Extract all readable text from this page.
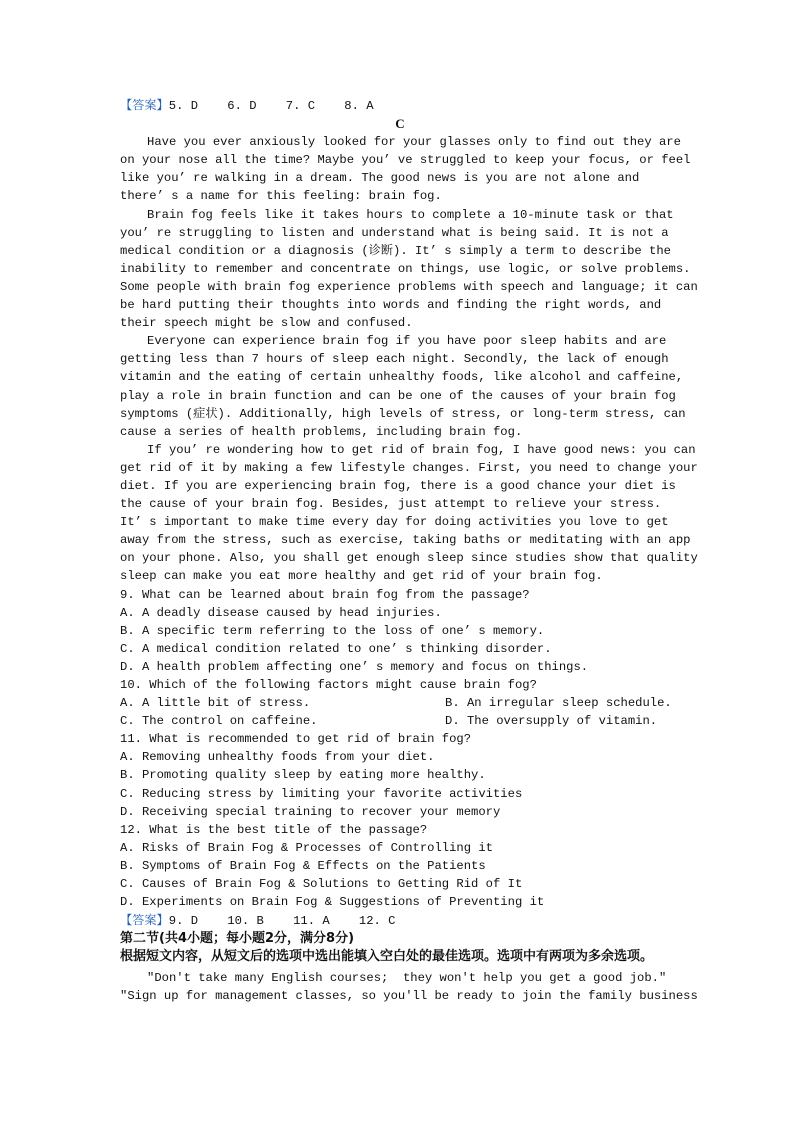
【答案】5. D    6. D    7. C    8. A
C
Have you ever anxiously looked for your glasses only to find out they are
on your nose all the time? Maybe you’ ve struggled to keep your focus, or feel
like you’ re walking in a dream. The good news is you are not alone and
there’ s a name for this feeling: brain fog.
Brain fog feels like it takes hours to complete a 10-minute task or that
you’ re struggling to listen and understand what is being said. It is not a
medical condition or a diagnosis (诊断). It’ s simply a term to describe the
inability to remember and concentrate on things, use logic, or solve problems.
Some people with brain fog experience problems with speech and language; it can
be hard putting their thoughts into words and finding the right words, and
their speech might be slow and confused.
Everyone can experience brain fog if you have poor sleep habits and are
getting less than 7 hours of sleep each night. Secondly, the lack of enough
vitamin and the eating of certain unhealthy foods, like alcohol and caffeine,
play a role in brain function and can be one of the causes of your brain fog
symptoms (症状). Additionally, high levels of stress, or long-term stress, can
cause a series of health problems, including brain fog.
If you’ re wondering how to get rid of brain fog, I have good news: you can
get rid of it by making a few lifestyle changes. First, you need to change your
diet. If you are experiencing brain fog, there is a good chance your diet is
the cause of your brain fog. Besides, just attempt to relieve your stress.
It’ s important to make time every day for doing activities you love to get
away from the stress, such as exercise, taking baths or meditating with an app
on your phone. Also, you shall get enough sleep since studies show that quality
sleep can make you eat more healthy and get rid of your brain fog.
9. What can be learned about brain fog from the passage?
A. A deadly disease caused by head injuries.
B. A specific term referring to the loss of one’ s memory.
C. A medical condition related to one’ s thinking disorder.
D. A health problem affecting one’ s memory and focus on things.
10. Which of the following factors might cause brain fog?
A. A little bit of stress.	B. An irregular sleep schedule.
C. The control on caffeine.	D. The oversupply of vitamin.
11. What is recommended to get rid of brain fog?
A. Removing unhealthy foods from your diet.
B. Promoting quality sleep by eating more healthy.
C. Reducing stress by limiting your favorite activities
D. Receiving special training to recover your memory
12. What is the best title of the passage?
A. Risks of Brain Fog & Processes of Controlling it
B. Symptoms of Brain Fog & Effects on the Patients
C. Causes of Brain Fog & Solutions to Getting Rid of It
D. Experiments on Brain Fog & Suggestions of Preventing it
【答案】9. D    10. B    11. A    12. C
第二节(共4小题；每小题2分，满分8分)
根据短文内容，从短文后的选项中选出能填入空白处的最佳选项。选项中有两项为多余选项。
"Don't take many English courses;  they won't help you get a good job."
"Sign up for management classes, so you'll be ready to join the family business
